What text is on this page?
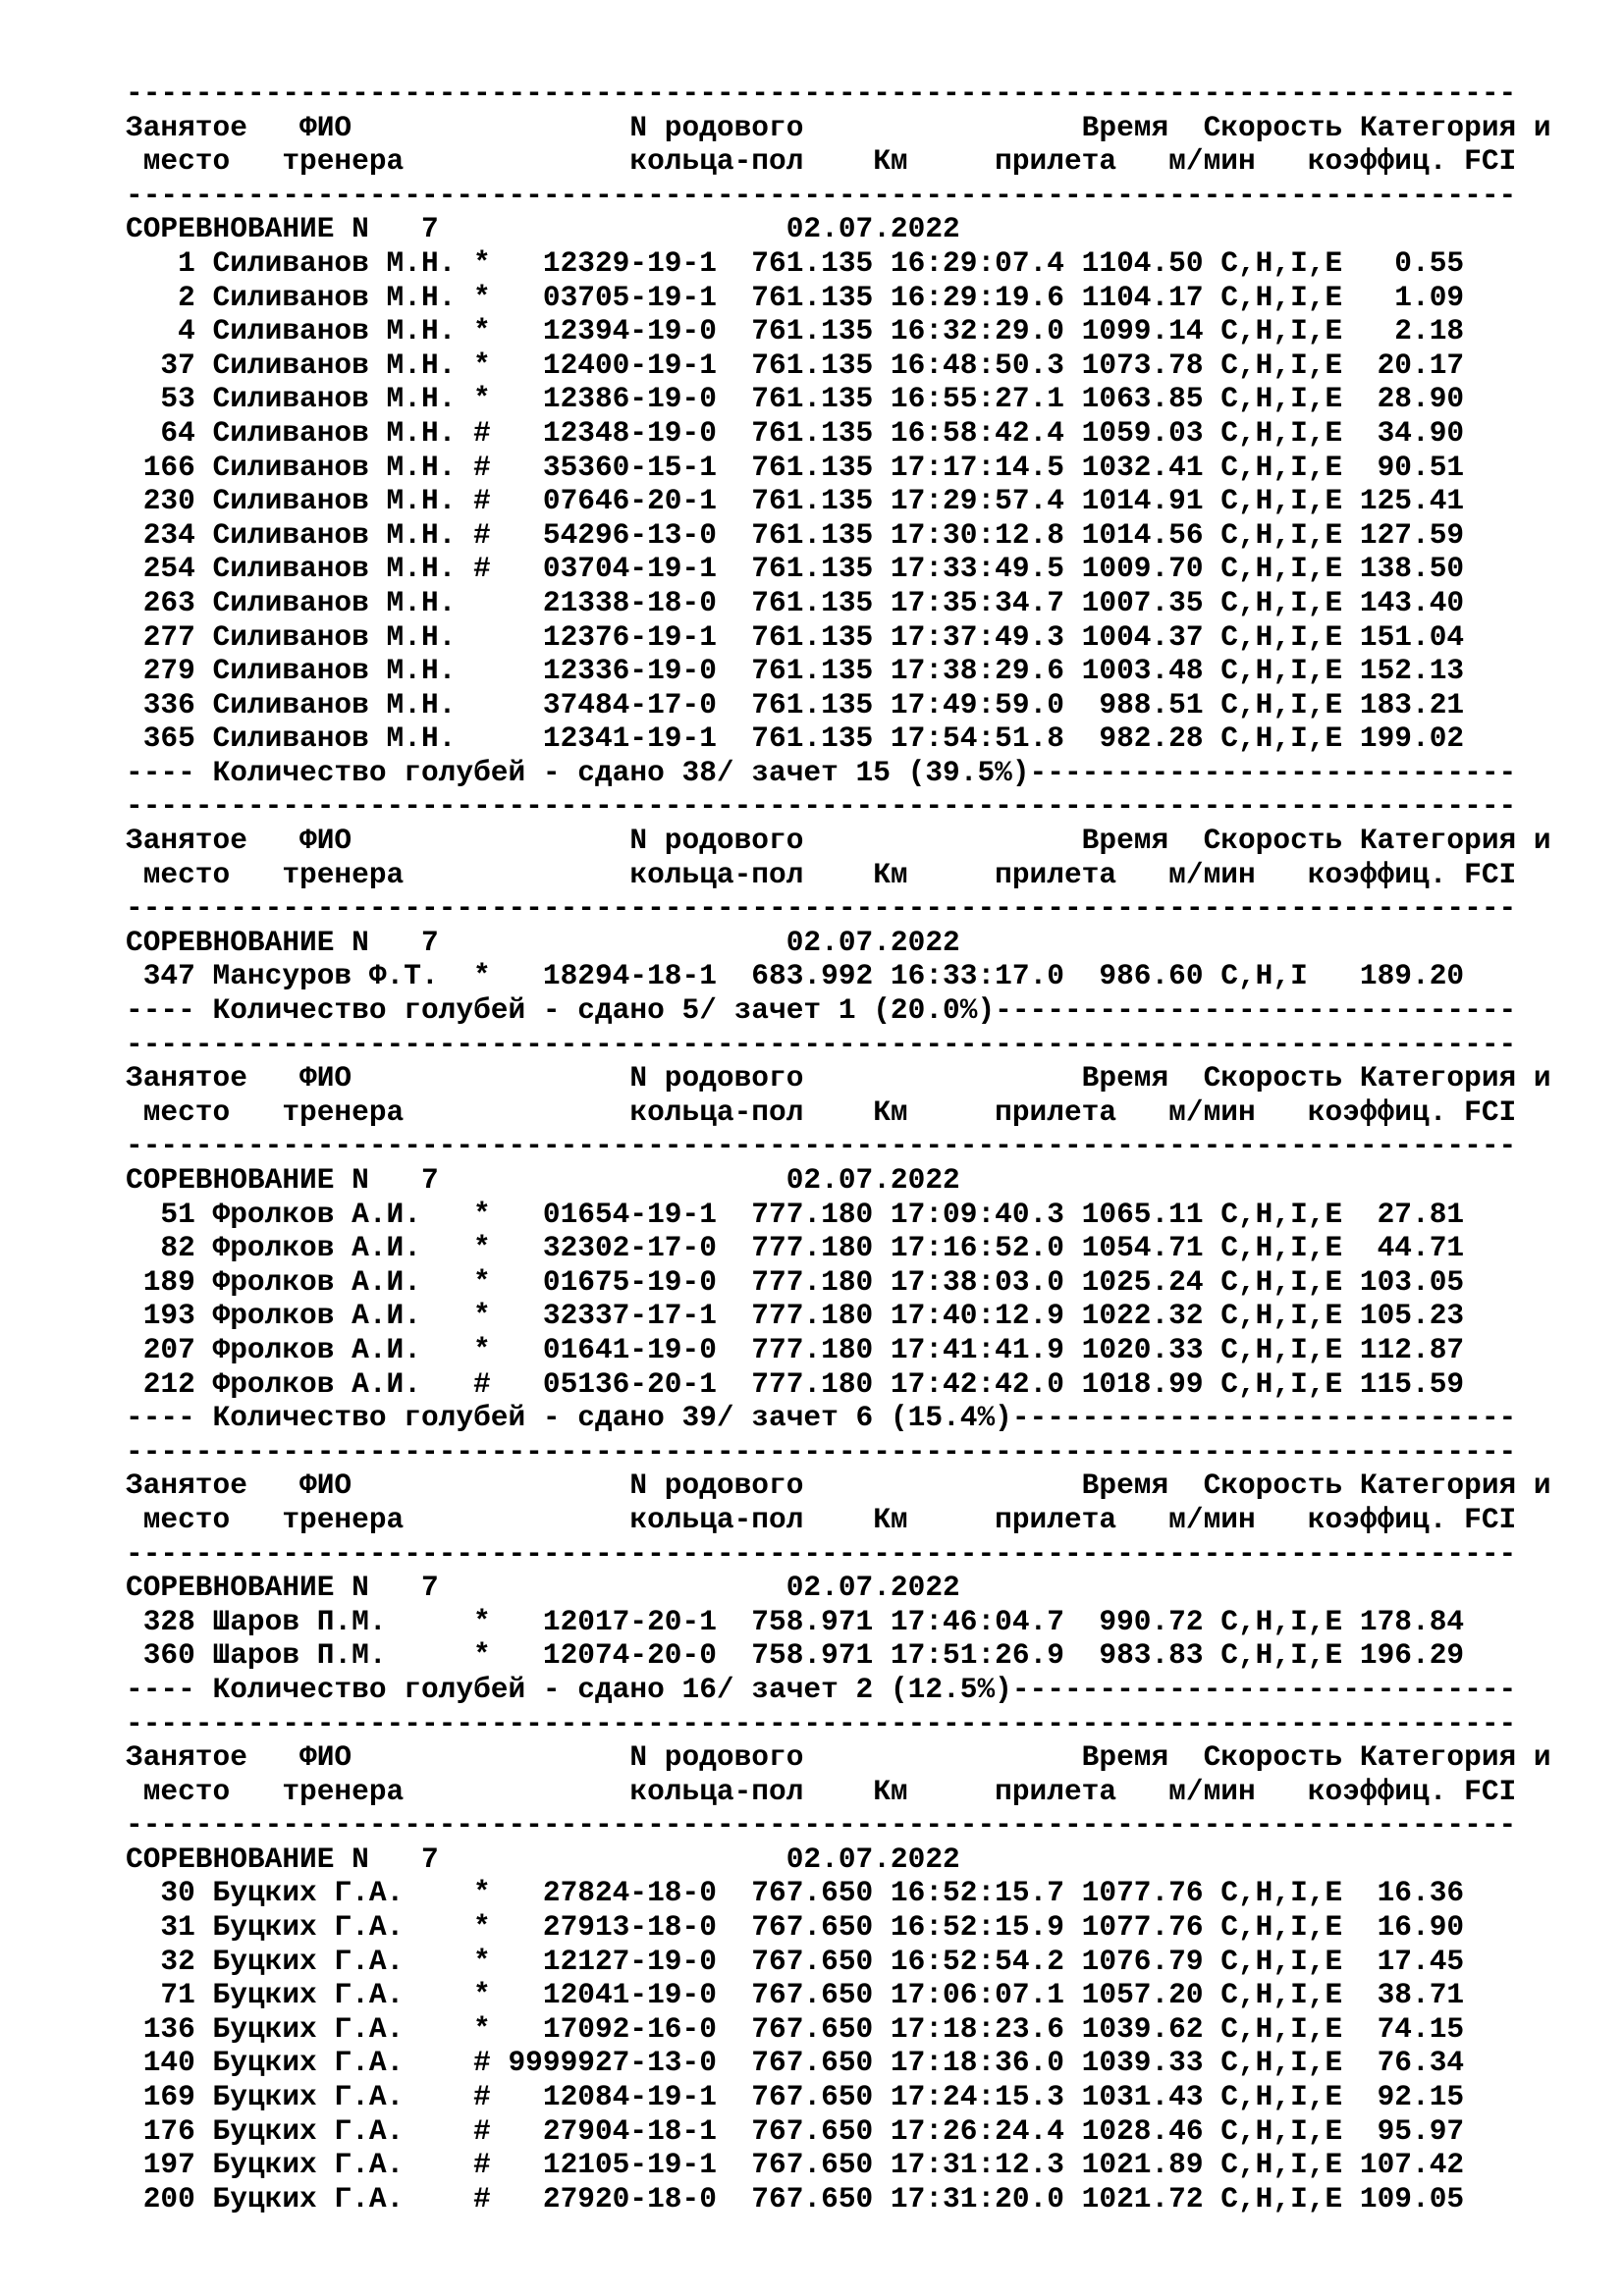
--------------------------------------------------------------------------------
Занятое   ФИО                N родового                Время  Скорость Категория и
место   тренера             кольца-пол    Км     прилета   м/мин   коэффиц. FCI
--------------------------------------------------------------------------------
СОРЕВНОВАНИЕ N   7                    02.07.2022
1 Силиванов М.Н. *   12329-19-1  761.135 16:29:07.4 1104.50 C,H,I,E   0.55
2 Силиванов М.Н. *   03705-19-1  761.135 16:29:19.6 1104.17 C,H,I,E   1.09
4 Силиванов М.Н. *   12394-19-0  761.135 16:32:29.0 1099.14 C,H,I,E   2.18
37 Силиванов М.Н. *   12400-19-1  761.135 16:48:50.3 1073.78 C,H,I,E  20.17
53 Силиванов М.Н. *   12386-19-0  761.135 16:55:27.1 1063.85 C,H,I,E  28.90
64 Силиванов М.Н. #   12348-19-0  761.135 16:58:42.4 1059.03 C,H,I,E  34.90
166 Силиванов М.Н. #   35360-15-1  761.135 17:17:14.5 1032.41 C,H,I,E  90.51
230 Силиванов М.Н. #   07646-20-1  761.135 17:29:57.4 1014.91 C,H,I,E 125.41
234 Силиванов М.Н. #   54296-13-0  761.135 17:30:12.8 1014.56 C,H,I,E 127.59
254 Силиванов М.Н. #   03704-19-1  761.135 17:33:49.5 1009.70 C,H,I,E 138.50
263 Силиванов М.Н.     21338-18-0  761.135 17:35:34.7 1007.35 C,H,I,E 143.40
277 Силиванов М.Н.     12376-19-1  761.135 17:37:49.3 1004.37 C,H,I,E 151.04
279 Силиванов М.Н.     12336-19-0  761.135 17:38:29.6 1003.48 C,H,I,E 152.13
336 Силиванов М.Н.     37484-17-0  761.135 17:49:59.0  988.51 C,H,I,E 183.21
365 Силиванов М.Н.     12341-19-1  761.135 17:54:51.8  982.28 C,H,I,E 199.02
---- Количество голубей - сдано 38/ зачет 15 (39.5%)----------------------------
--------------------------------------------------------------------------------
Занятое   ФИО                N родового                Время  Скорость Категория и
место   тренера             кольца-пол    Км     прилета   м/мин   коэффиц. FCI
--------------------------------------------------------------------------------
СОРЕВНОВАНИЕ N   7                    02.07.2022
347 Мансуров Ф.Т.  *   18294-18-1  683.992 16:33:17.0  986.60 C,H,I   189.20
---- Количество голубей - сдано 5/ зачет 1 (20.0%)------------------------------
--------------------------------------------------------------------------------
Занятое   ФИО                N родового                Время  Скорость Категория и
место   тренера             кольца-пол    Км     прилета   м/мин   коэффиц. FCI
--------------------------------------------------------------------------------
СОРЕВНОВАНИЕ N   7                    02.07.2022
51 Фролков А.И.   *   01654-19-1  777.180 17:09:40.3 1065.11 C,H,I,E  27.81
82 Фролков А.И.   *   32302-17-0  777.180 17:16:52.0 1054.71 C,H,I,E  44.71
189 Фролков А.И.   *   01675-19-0  777.180 17:38:03.0 1025.24 C,H,I,E 103.05
193 Фролков А.И.   *   32337-17-1  777.180 17:40:12.9 1022.32 C,H,I,E 105.23
207 Фролков А.И.   *   01641-19-0  777.180 17:41:41.9 1020.33 C,H,I,E 112.87
212 Фролков А.И.   #   05136-20-1  777.180 17:42:42.0 1018.99 C,H,I,E 115.59
---- Количество голубей - сдано 39/ зачет 6 (15.4%)-----------------------------
--------------------------------------------------------------------------------
Занятое   ФИО                N родового                Время  Скорость Категория и
место   тренера             кольца-пол    Км     прилета   м/мин   коэффиц. FCI
--------------------------------------------------------------------------------
СОРЕВНОВАНИЕ N   7                    02.07.2022
328 Шаров П.М.     *   12017-20-1  758.971 17:46:04.7  990.72 C,H,I,E 178.84
360 Шаров П.М.     *   12074-20-0  758.971 17:51:26.9  983.83 C,H,I,E 196.29
---- Количество голубей - сдано 16/ зачет 2 (12.5%)-----------------------------
--------------------------------------------------------------------------------
Занятое   ФИО                N родового                Время  Скорость Категория и
место   тренера             кольца-пол    Км     прилета   м/мин   коэффиц. FCI
--------------------------------------------------------------------------------
СОРЕВНОВАНИЕ N   7                    02.07.2022
30 Буцких Г.А.    *   27824-18-0  767.650 16:52:15.7 1077.76 C,H,I,E  16.36
31 Буцких Г.А.    *   27913-18-0  767.650 16:52:15.9 1077.76 C,H,I,E  16.90
32 Буцких Г.А.    *   12127-19-0  767.650 16:52:54.2 1076.79 C,H,I,E  17.45
71 Буцких Г.А.    *   12041-19-0  767.650 17:06:07.1 1057.20 C,H,I,E  38.71
136 Буцких Г.А.    *   17092-16-0  767.650 17:18:23.6 1039.62 C,H,I,E  74.15
140 Буцких Г.А.    # 9999927-13-0  767.650 17:18:36.0 1039.33 C,H,I,E  76.34
169 Буцких Г.А.    #   12084-19-1  767.650 17:24:15.3 1031.43 C,H,I,E  92.15
176 Буцких Г.А.    #   27904-18-1  767.650 17:26:24.4 1028.46 C,H,I,E  95.97
197 Буцких Г.А.    #   12105-19-1  767.650 17:31:12.3 1021.89 C,H,I,E 107.42
200 Буцких Г.А.    #   27920-18-0  767.650 17:31:20.0 1021.72 C,H,I,E 109.05
